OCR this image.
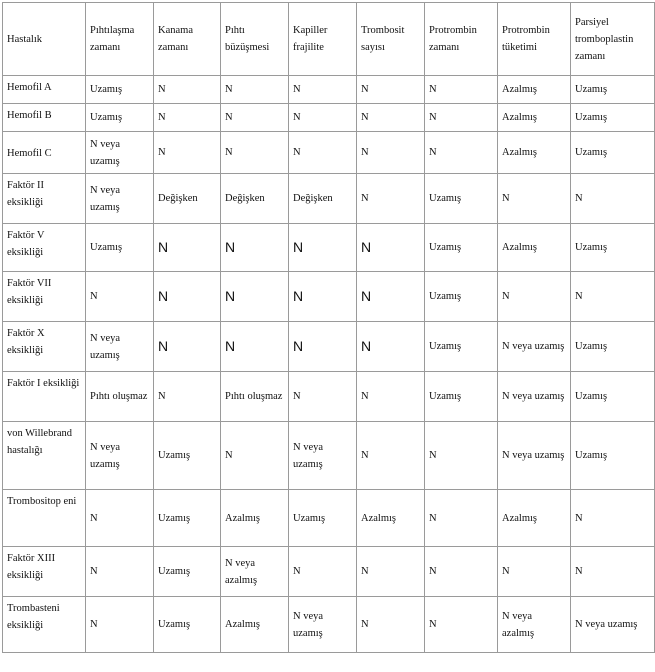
Hastalık	Pıhtılaşma zamanı	Kanama zamanı	Pıhtı büzüşmesi	Kapiller frajilite	Trombosit sayısı	Protrombin zamanı	Protrombin tüketimi	Parsiyel tromboplastin zamanı
Hemofil A	Uzamış	N	N	N	N	N	Azalmış	Uzamış
Hemofil B	Uzamış	N	N	N	N	N	Azalmış	Uzamış
Hemofil C	N veya uzamış	N	N	N	N	N	Azalmış	Uzamış
Faktör II eksikliği	N veya uzamış	Değişken	Değişken	Değişken	N	Uzamış	N	N
Faktör V eksikliği	Uzamış	N	N	N	N	Uzamış	Azalmış	Uzamış
Faktör VII eksikliği	N	N	N	N	N	Uzamış	N	N
Faktör X eksikliği	N veya uzamış	N	N	N	N	Uzamış	N veya uzamış	Uzamış
Faktör I eksikliği	Pıhtı oluşmaz	N	Pıhtı oluşmaz	N	N	Uzamış	N veya uzamış	Uzamış
von Willebrand hastalığı	N veya uzamış	Uzamış	N	N veya uzamış	N	N	N veya uzamış	Uzamış
Trombositop eni	N	Uzamış	Azalmış	Uzamış	Azalmış	N	Azalmış	N
Faktör XIII eksikliği	N	Uzamış	N veya azalmış	N	N	N	N	N
Trombasteni eksikliği	N	Uzamış	Azalmış	N veya uzamış	N	N	N veya azalmış	N veya uzamış
